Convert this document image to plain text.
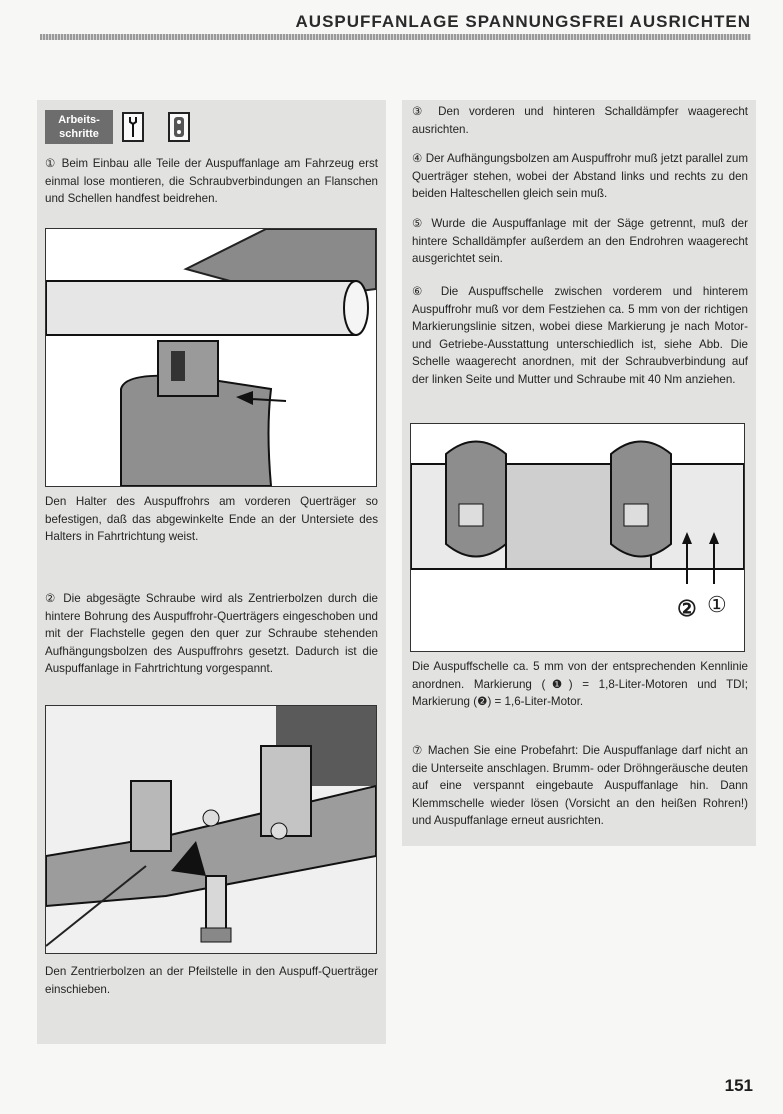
AUSPUFFANLAGE SPANNUNGSFREI AUSRICHTEN
Arbeits-
schritte
① Beim Einbau alle Teile der Auspuffanlage am Fahrzeug erst einmal lose montieren, die Schraubverbindungen an Flanschen und Schellen handfest beidrehen.
Den Halter des Auspuffrohrs am vorderen Querträger so befestigen, daß das abgewinkelte Ende an der Untersiete des Halters in Fahrtrichtung weist.
② Die abgesägte Schraube wird als Zentrierbolzen durch die hintere Bohrung des Auspuffrohr-Querträgers eingeschoben und mit der Flachstelle gegen den quer zur Schraube stehenden Aufhängungsbolzen des Auspuffrohrs gesetzt. Dadurch ist die Auspuffanlage in Fahrtrichtung vorgespannt.
Den Zentrierbolzen an der Pfeilstelle in den Auspuff-Querträger einschieben.
③ Den vorderen und hinteren Schalldämpfer waagerecht ausrichten.
④ Der Aufhängungsbolzen am Auspuffrohr muß jetzt parallel zum Querträger stehen, wobei der Abstand links und rechts zu den beiden Halteschellen gleich sein muß.
⑤ Wurde die Auspuffanlage mit der Säge getrennt, muß der hintere Schalldämpfer außerdem an den Endrohren waagerecht ausgerichtet sein.
⑥ Die Auspuffschelle zwischen vorderem und hinterem Auspuffrohr muß vor dem Festziehen ca. 5 mm von der richtigen Markierungslinie sitzen, wobei diese Markierung je nach Motor- und Getriebe-Ausstattung unterschiedlich ist, siehe Abb. Die Schelle waagerecht anordnen, mit der Schraubverbindung auf der linken Seite und Mutter und Schraube mit 40 Nm anziehen.
② ①
Die Auspuffschelle ca. 5 mm von der entsprechenden Kennlinie anordnen. Markierung (❶) = 1,8-Liter-Motoren und TDI; Markierung (❷) = 1,6-Liter-Motor.
⑦ Machen Sie eine Probefahrt: Die Auspuffanlage darf nicht an die Unterseite anschlagen. Brumm- oder Dröhngeräusche deuten auf eine verspannt eingebaute Auspuffanlage hin. Dann Klemmschelle wieder lösen (Vorsicht an den heißen Rohren!) und Auspuffanlage erneut ausrichten.
151
